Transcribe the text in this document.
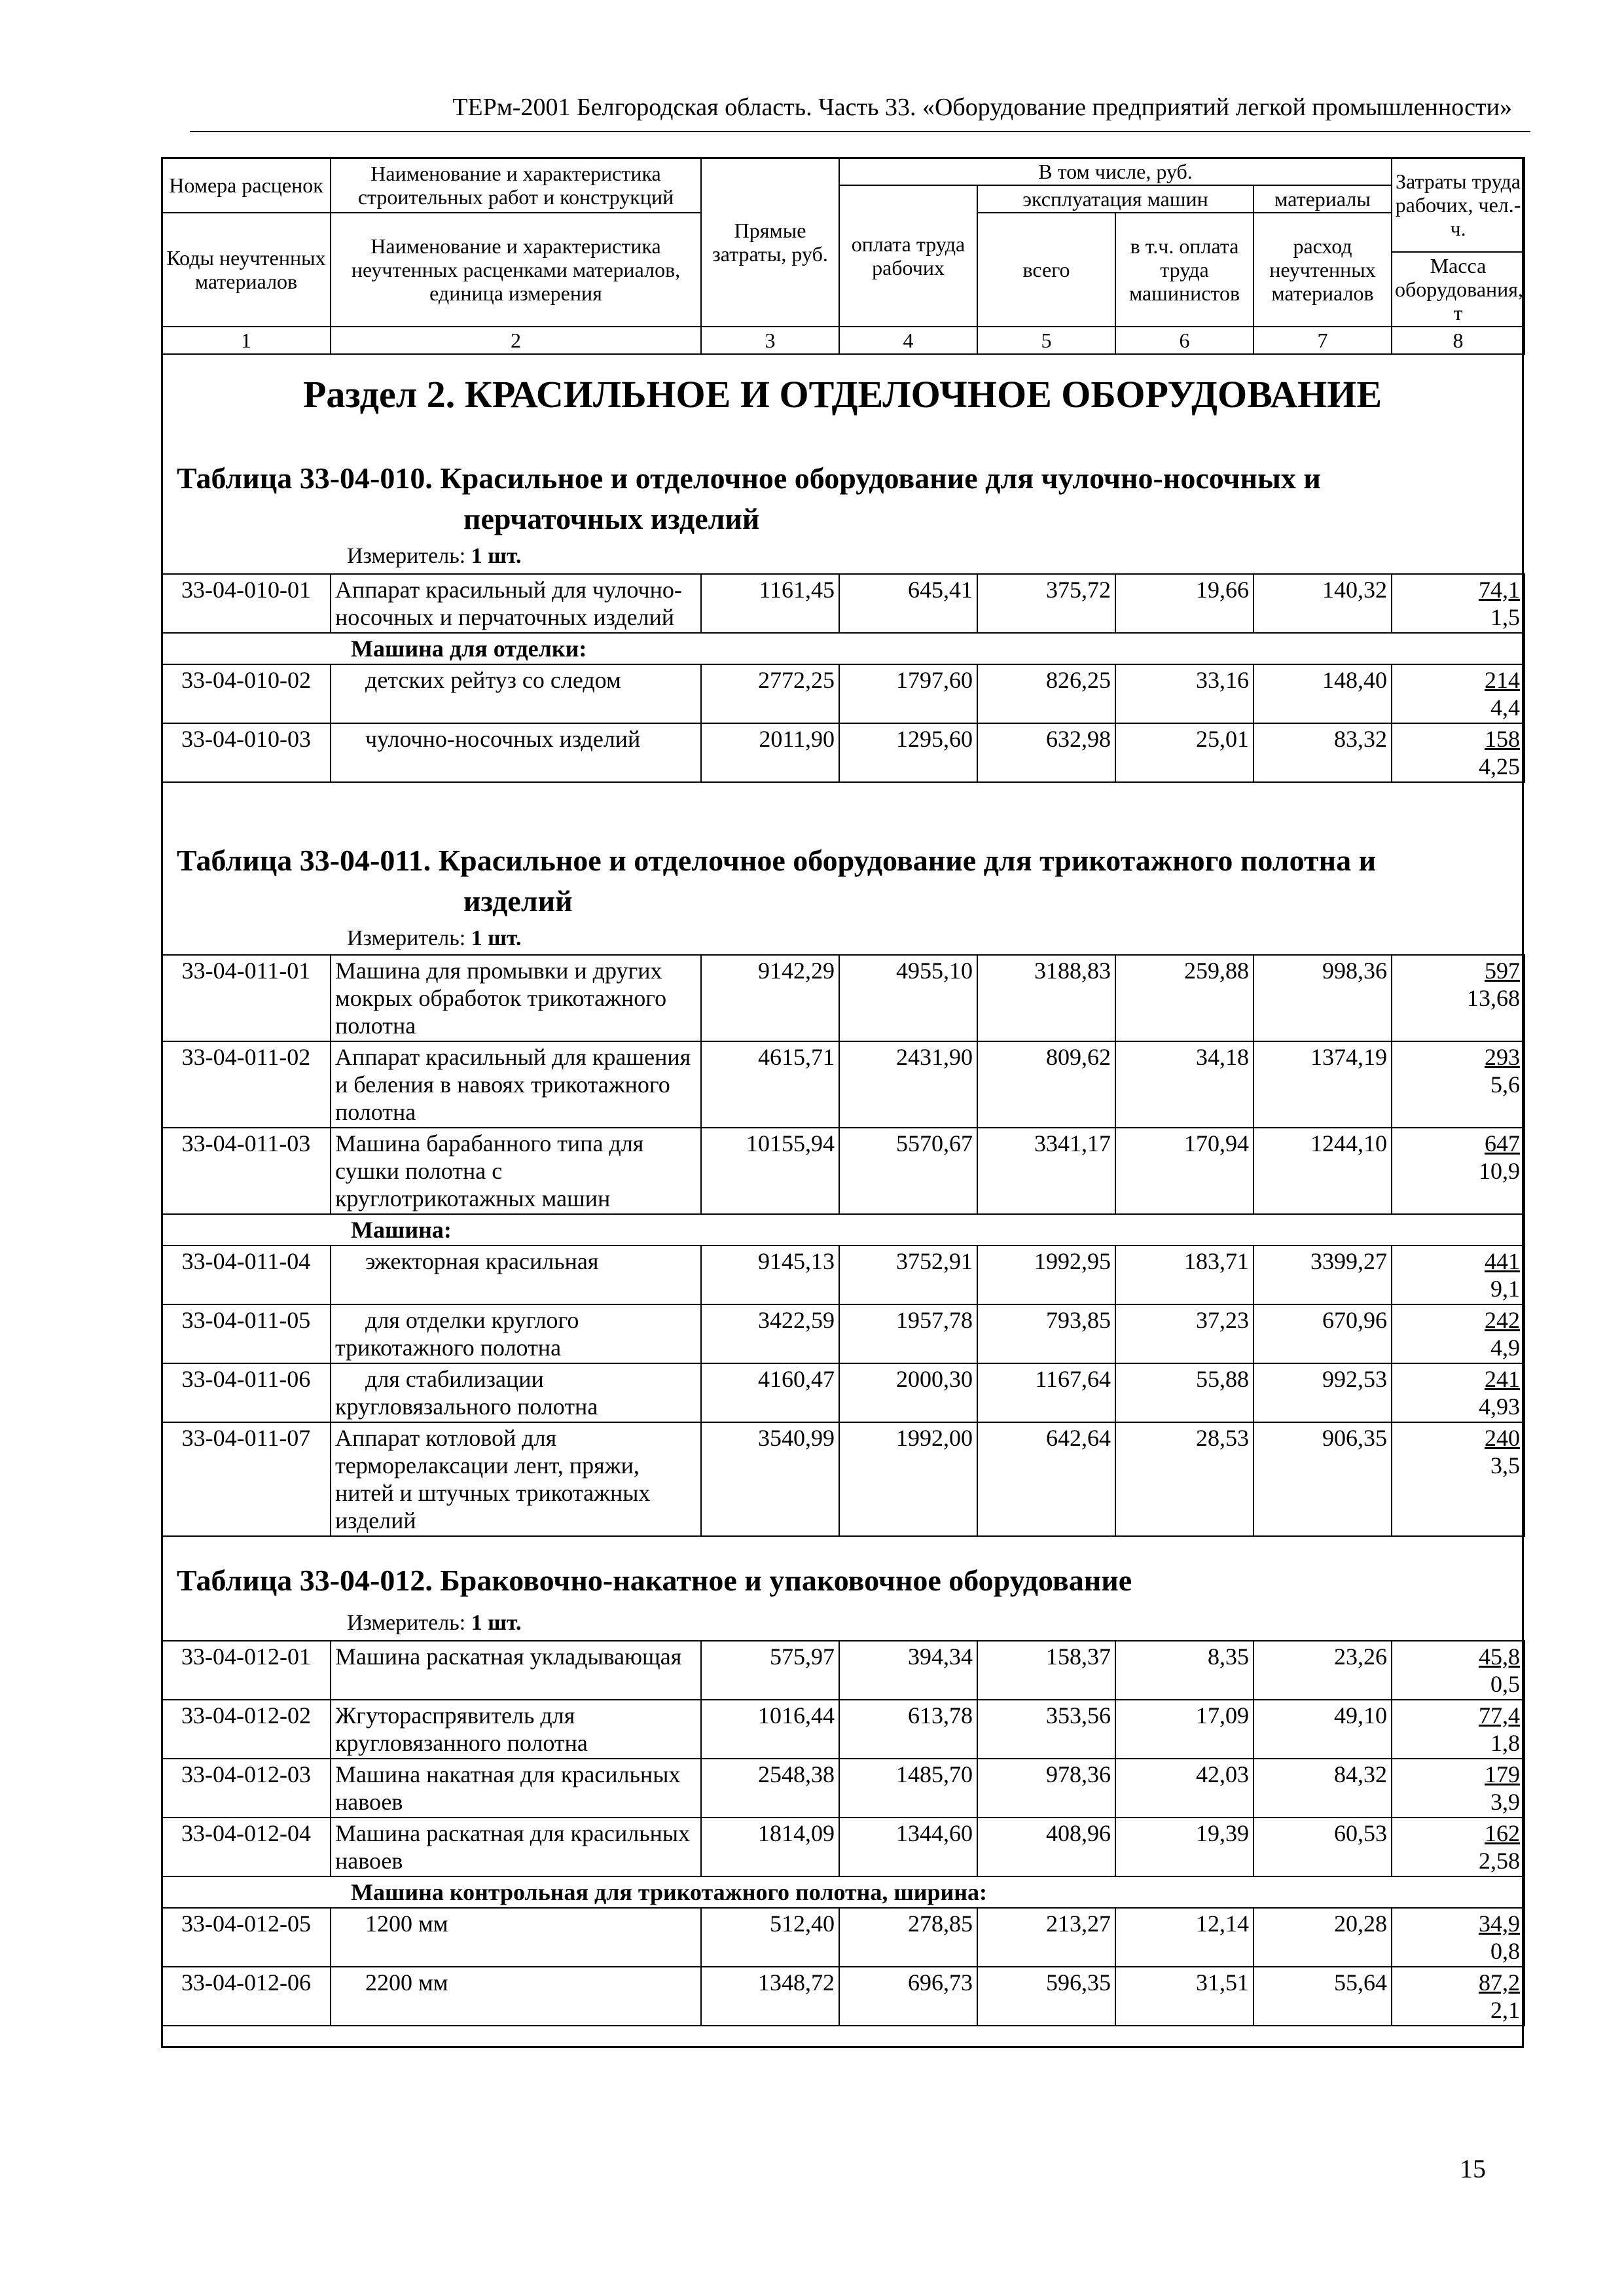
ТЕРм-2001 Белгородская область. Часть 33. «Оборудование предприятий легкой промышленности»
Номера расценок	Наименование и характеристика строительных работ и конструкций	Прямые затраты, руб.	В том числе, руб.				Затраты труда рабочих, чел.-ч.
			оплата труда рабочих	эксплуатация машин		материалы	
Коды неучтенных материалов	Наименование и характеристика неучтенных расценками материалов, единица измерения			всего	в т.ч. оплата труда машинистов	расход неучтенных материалов	
							Масса оборудования, т
1	2	3	4	5	6	7	8
Раздел 2. КРАСИЛЬНОЕ И ОТДЕЛОЧНОЕ ОБОРУДОВАНИЕ
Таблица 33-04-010. Красильное и отделочное оборудование для чулочно-носочных и
перчаточных изделий
Измеритель: 1 шт.
33-04-010-01	Аппарат красильный для чулочно-носочных и перчаточных изделий	1161,45	645,41	375,72	19,66	140,32	74,1
1,5

Машина для отделки:							
33-04-010-02	детских рейтуз со следом	2772,25	1797,60	826,25	33,16	148,40	214
4,4

33-04-010-03	чулочно-носочных изделий	2011,90	1295,60	632,98	25,01	83,32	158
4,25
Таблица 33-04-011. Красильное и отделочное оборудование для трикотажного полотна и
изделий
Измеритель: 1 шт.
33-04-011-01	Машина для промывки и других мокрых обработок трикотажного полотна	9142,29	4955,10	3188,83	259,88	998,36	597
13,68

33-04-011-02	Аппарат красильный для крашения и беления в навоях трикотажного полотна	4615,71	2431,90	809,62	34,18	1374,19	293
5,6

33-04-011-03	Машина барабанного типа для сушки полотна с круглотрикотажных машин	10155,94	5570,67	3341,17	170,94	1244,10	647
10,9

Машина:							
33-04-011-04	эжекторная красильная	9145,13	3752,91	1992,95	183,71	3399,27	441
9,1

33-04-011-05	для отделки круглого трикотажного полотна	3422,59	1957,78	793,85	37,23	670,96	242
4,9

33-04-011-06	для стабилизации кругловязального полотна	4160,47	2000,30	1167,64	55,88	992,53	241
4,93

33-04-011-07	Аппарат котловой для терморелаксации лент, пряжи, нитей и штучных трикотажных изделий	3540,99	1992,00	642,64	28,53	906,35	240
3,5
Таблица 33-04-012. Браковочно-накатное и упаковочное оборудование
Измеритель: 1 шт.
33-04-012-01	Машина раскатная укладывающая	575,97	394,34	158,37	8,35	23,26	45,8
0,5

33-04-012-02	Жгутораспрявитель для кругловязанного полотна	1016,44	613,78	353,56	17,09	49,10	77,4
1,8

33-04-012-03	Машина накатная для красильных навоев	2548,38	1485,70	978,36	42,03	84,32	179
3,9

33-04-012-04	Машина раскатная для красильных навоев	1814,09	1344,60	408,96	19,39	60,53	162
2,58

Машина контрольная для трикотажного полотна, ширина:							
33-04-012-05	1200 мм	512,40	278,85	213,27	12,14	20,28	34,9
0,8

33-04-012-06	2200 мм	1348,72	696,73	596,35	31,51	55,64	87,2
2,1
15
